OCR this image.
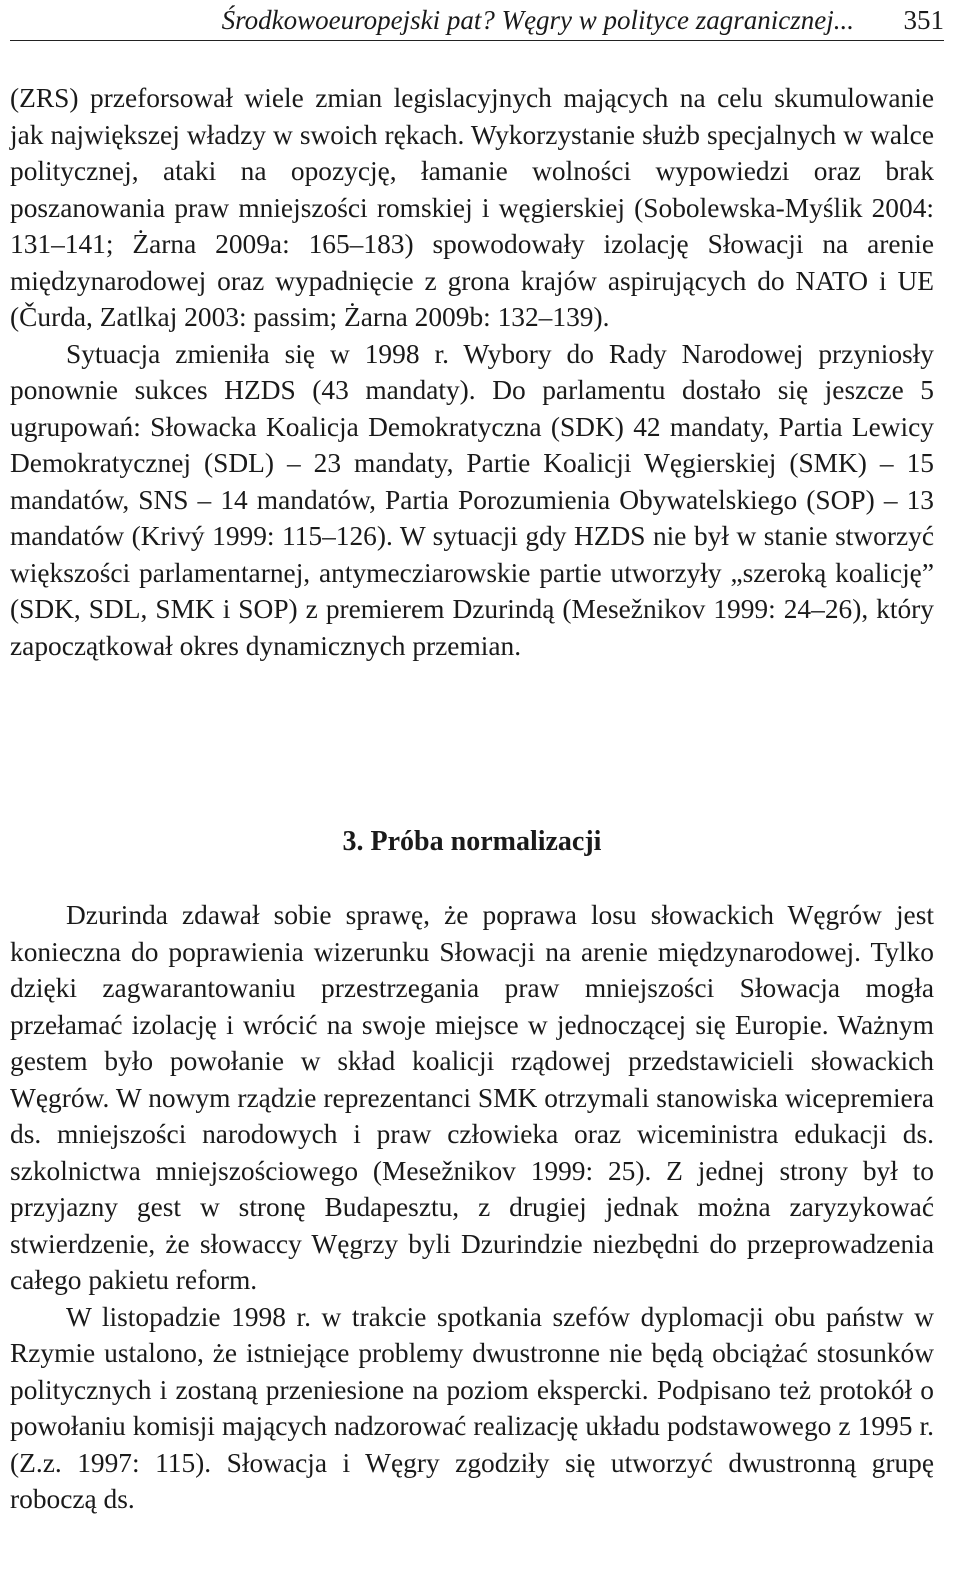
Środkowoeuropejski pat? Węgry w polityce zagranicznej... 351

(ZRS) przeforsował wiele zmian legislacyjnych mających na celu skumulowanie jak największej władzy w swoich rękach. Wykorzystanie służb specjalnych w walce politycznej, ataki na opozycję, łamanie wolności wypowiedzi oraz brak poszanowania praw mniejszości romskiej i węgierskiej (Sobolewska-Myślik 2004: 131–141; Żarna 2009a: 165–183) spowodowały izolację Słowacji na arenie międzynarodowej oraz wypadnięcie z grona krajów aspirujących do NATO i UE (Čurda, Zatlkaj 2003: passim; Żarna 2009b: 132–139).

Sytuacja zmieniła się w 1998 r. Wybory do Rady Narodowej przyniosły ponownie sukces HZDS (43 mandaty). Do parlamentu dostało się jeszcze 5 ugrupowań: Słowacka Koalicja Demokratyczna (SDK) 42 mandaty, Partia Lewicy Demokratycznej (SDL) – 23 mandaty, Partie Koalicji Węgierskiej (SMK) – 15 mandatów, SNS – 14 mandatów, Partia Porozumienia Obywatelskiego (SOP) – 13 mandatów (Krivý 1999: 115–126). W sytuacji gdy HZDS nie był w stanie stworzyć większości parlamentarnej, antymecziarowskie partie utworzyły „szeroką koalicję” (SDK, SDL, SMK i SOP) z premierem Dzurindą (Mesežnikov 1999: 24–26), który zapoczątkował okres dynamicznych przemian.

3. Próba normalizacji

Dzurinda zdawał sobie sprawę, że poprawa losu słowackich Węgrów jest konieczna do poprawienia wizerunku Słowacji na arenie międzynarodowej. Tylko dzięki zagwarantowaniu przestrzegania praw mniejszości Słowacja mogła przełamać izolację i wrócić na swoje miejsce w jednoczącej się Europie. Ważnym gestem było powołanie w skład koalicji rządowej przedstawicieli słowackich Węgrów. W nowym rządzie reprezentanci SMK otrzymali stanowiska wicepremiera ds. mniejszości narodowych i praw człowieka oraz wiceministra edukacji ds. szkolnictwa mniejszościowego (Mesežnikov 1999: 25). Z jednej strony był to przyjazny gest w stronę Budapesztu, z drugiej jednak można zaryzykować stwierdzenie, że słowaccy Węgrzy byli Dzurindzie niezbędni do przeprowadzenia całego pakietu reform.

W listopadzie 1998 r. w trakcie spotkania szefów dyplomacji obu państw w Rzymie ustalono, że istniejące problemy dwustronne nie będą obciążać stosunków politycznych i zostaną przeniesione na poziom ekspercki. Podpisano też protokół o powołaniu komisji mających nadzorować realizację układu podstawowego z 1995 r. (Z.z. 1997: 115). Słowacja i Węgry zgodziły się utworzyć dwustronną grupę roboczą ds.
